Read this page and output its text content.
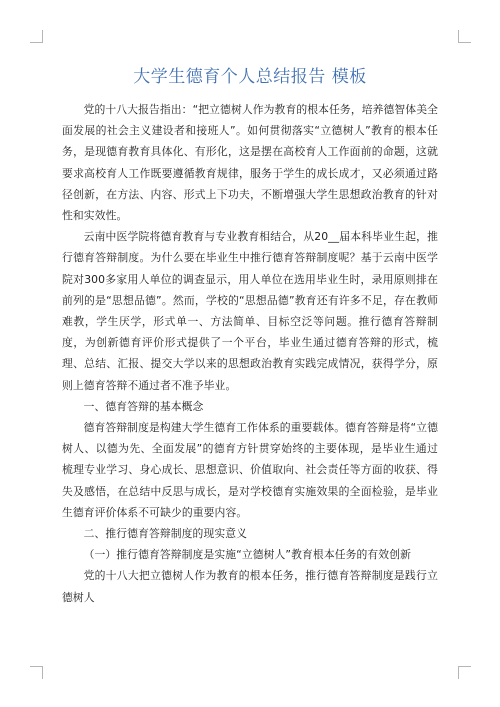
大学生德育个人总结报告 模板

党的十八大报告指出：“把立德树人作为教育的根本任务，培养德智体美全面发展的社会主义建设者和接班人”。如何贯彻落实“立德树人”教育的根本任务，是现德育教育具体化、有形化，这是摆在高校育人工作面前的命题，这就要求高校育人工作既要遵循教育规律，服务于学生的成长成才，又必须通过路径创新，在方法、内容、形式上下功夫，不断增强大学生思想政治教育的针对性和实效性。

云南中医学院将德育教育与专业教育相结合，从20__届本科毕业生起，推行德育答辩制度。为什么要在毕业生中推行德育答辩制度呢？基于云南中医学院对300多家用人单位的调查显示，用人单位在选用毕业生时，录用原则排在前列的是“思想品德”。然而，学校的“思想品德”教育还有许多不足，存在教师难教，学生厌学，形式单一、方法简单、目标空泛等问题。推行德育答辩制度，为创新德育评价形式提供了一个平台，毕业生通过德育答辩的形式，梳理、总结、汇报、提交大学以来的思想政治教育实践完成情况，获得学分，原则上德育答辩不通过者不准予毕业。

一、德育答辩的基本概念

德育答辩制度是构建大学生德育工作体系的重要载体。德育答辩是将“立德树人、以德为先、全面发展”的德育方针贯穿始终的主要体现，是毕业生通过梳理专业学习、身心成长、思想意识、价值取向、社会责任等方面的收获、得失及感悟，在总结中反思与成长，是对学校德育实施效果的全面检验，是毕业生德育评价体系不可缺少的重要内容。

二、推行德育答辩制度的现实意义

（一）推行德育答辩制度是实施“立德树人”教育根本任务的有效创新

党的十八大把立德树人作为教育的根本任务，推行德育答辩制度是践行立德树人
